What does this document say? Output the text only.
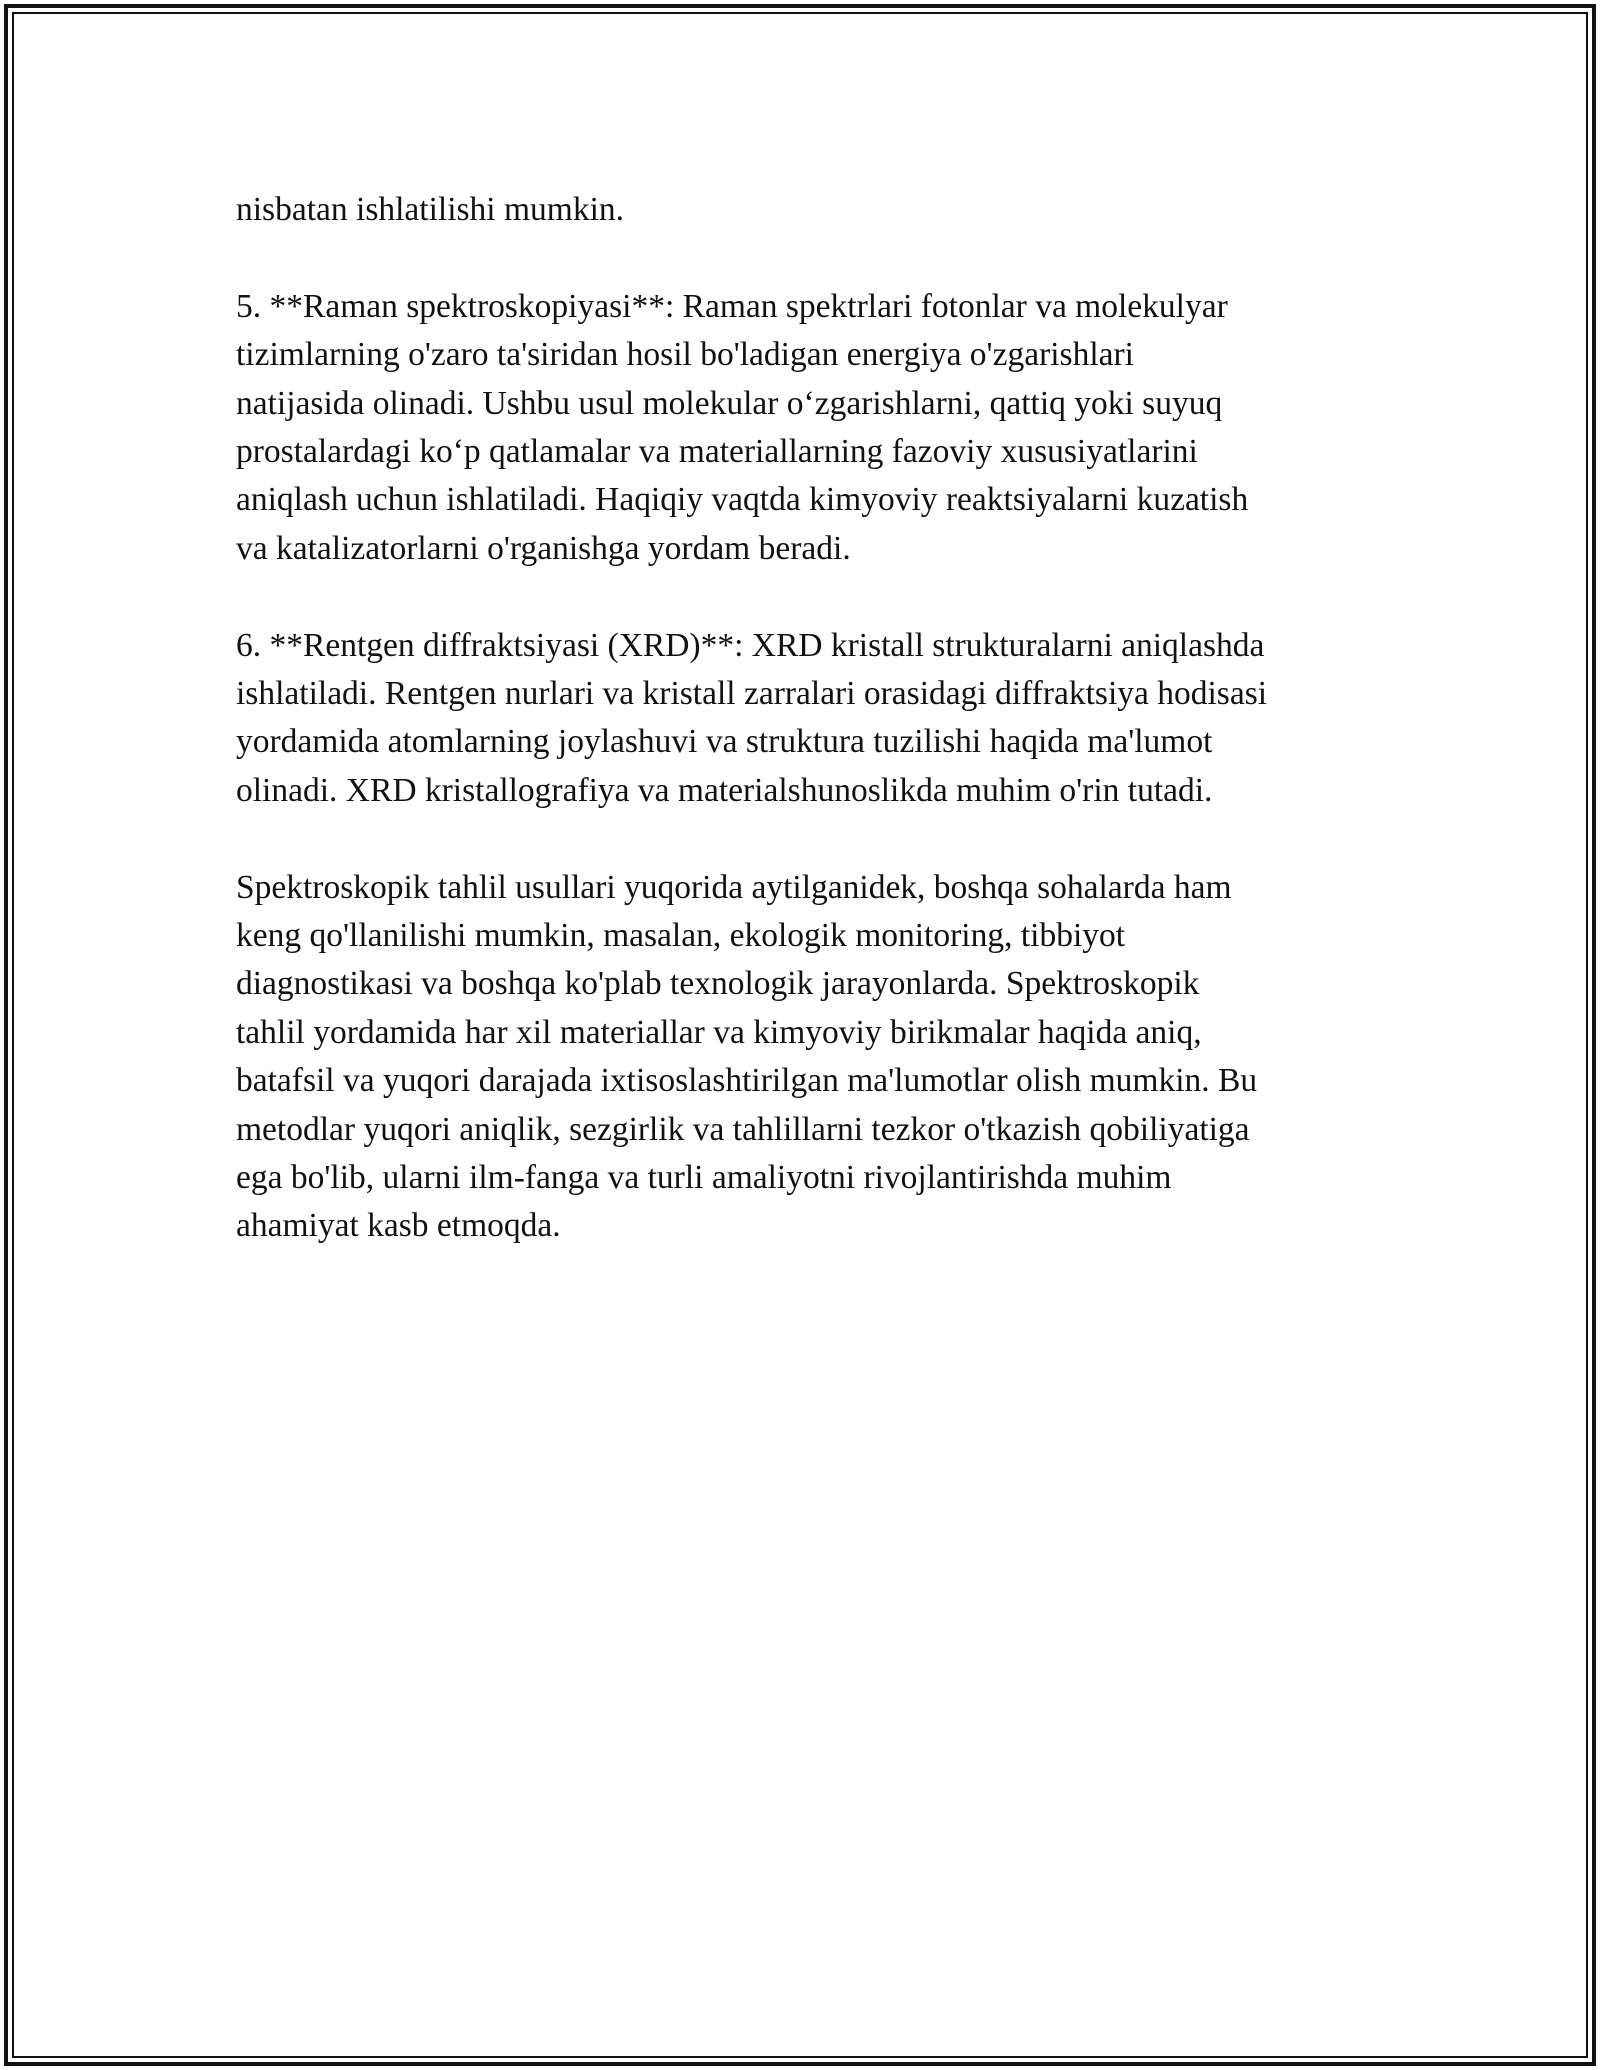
nisbatan ishlatilishi mumkin.

5. **Raman spektroskopiyasi**: Raman spektrlari fotonlar va molekulyar
tizimlarning o'zaro ta'siridan hosil bo'ladigan energiya o'zgarishlari
natijasida olinadi. Ushbu usul molekular o‘zgarishlarni, qattiq yoki suyuq
prostalardagi ko‘p qatlamalar va materiallarning fazoviy xususiyatlarini
aniqlash uchun ishlatiladi. Haqiqiy vaqtda kimyoviy reaktsiyalarni kuzatish
va katalizatorlarni o'rganishga yordam beradi.

6. **Rentgen diffraktsiyasi (XRD)**: XRD kristall strukturalarni aniqlashda
ishlatiladi. Rentgen nurlari va kristall zarralari orasidagi diffraktsiya hodisasi
yordamida atomlarning joylashuvi va struktura tuzilishi haqida ma'lumot
olinadi. XRD kristallografiya va materialshunoslikda muhim o'rin tutadi.

Spektroskopik tahlil usullari yuqorida aytilganidek, boshqa sohalarda ham
keng qo'llanilishi mumkin, masalan, ekologik monitoring, tibbiyot
diagnostikasi va boshqa ko'plab texnologik jarayonlarda. Spektroskopik
tahlil yordamida har xil materiallar va kimyoviy birikmalar haqida aniq,
batafsil va yuqori darajada ixtisoslashtirilgan ma'lumotlar olish mumkin. Bu
metodlar yuqori aniqlik, sezgirlik va tahlillarni tezkor o'tkazish qobiliyatiga
ega bo'lib, ularni ilm-fanga va turli amaliyotni rivojlantirishda muhim
ahamiyat kasb etmoqda.
